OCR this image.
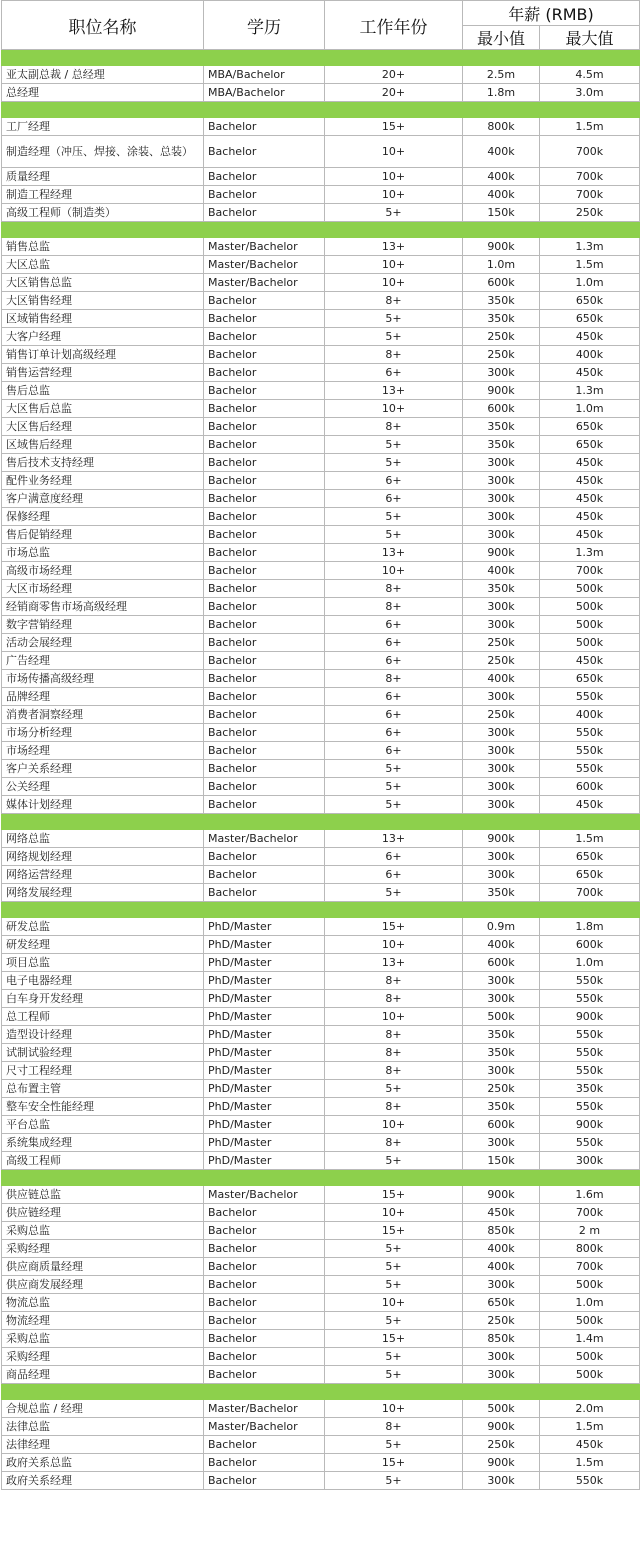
职位名称	学历	工作年份	年薪 (RMB)	
			最小值	最大值

亚太副总裁 / 总经理	MBA/Bachelor	20+	2.5m	4.5m
总经理	MBA/Bachelor	20+	1.8m	3.0m

工厂经理	Bachelor	15+	800k	1.5m
制造经理（冲压、焊接、涂装、总装）	Bachelor	10+	400k	700k
质量经理	Bachelor	10+	400k	700k
制造工程经理	Bachelor	10+	400k	700k
高级工程师（制造类）	Bachelor	5+	150k	250k

销售总监	Master/Bachelor	13+	900k	1.3m
大区总监	Master/Bachelor	10+	1.0m	1.5m
大区销售总监	Master/Bachelor	10+	600k	1.0m
大区销售经理	Bachelor	8+	350k	650k
区域销售经理	Bachelor	5+	350k	650k
大客户经理	Bachelor	5+	250k	450k
销售订单计划高级经理	Bachelor	8+	250k	400k
销售运营经理	Bachelor	6+	300k	450k
售后总监	Bachelor	13+	900k	1.3m
大区售后总监	Bachelor	10+	600k	1.0m
大区售后经理	Bachelor	8+	350k	650k
区域售后经理	Bachelor	5+	350k	650k
售后技术支持经理	Bachelor	5+	300k	450k
配件业务经理	Bachelor	6+	300k	450k
客户满意度经理	Bachelor	6+	300k	450k
保修经理	Bachelor	5+	300k	450k
售后促销经理	Bachelor	5+	300k	450k
市场总监	Bachelor	13+	900k	1.3m
高级市场经理	Bachelor	10+	400k	700k
大区市场经理	Bachelor	8+	350k	500k
经销商零售市场高级经理	Bachelor	8+	300k	500k
数字营销经理	Bachelor	6+	300k	500k
活动会展经理	Bachelor	6+	250k	500k
广告经理	Bachelor	6+	250k	450k
市场传播高级经理	Bachelor	8+	400k	650k
品牌经理	Bachelor	6+	300k	550k
消费者洞察经理	Bachelor	6+	250k	400k
市场分析经理	Bachelor	6+	300k	550k
市场经理	Bachelor	6+	300k	550k
客户关系经理	Bachelor	5+	300k	550k
公关经理	Bachelor	5+	300k	600k
媒体计划经理	Bachelor	5+	300k	450k

网络总监	Master/Bachelor	13+	900k	1.5m
网络规划经理	Bachelor	6+	300k	650k
网络运营经理	Bachelor	6+	300k	650k
网络发展经理	Bachelor	5+	350k	700k

研发总监	PhD/Master	15+	0.9m	1.8m
研发经理	PhD/Master	10+	400k	600k
项目总监	PhD/Master	13+	600k	1.0m
电子电器经理	PhD/Master	8+	300k	550k
白车身开发经理	PhD/Master	8+	300k	550k
总工程师	PhD/Master	10+	500k	900k
造型设计经理	PhD/Master	8+	350k	550k
试制试验经理	PhD/Master	8+	350k	550k
尺寸工程经理	PhD/Master	8+	300k	550k
总布置主管	PhD/Master	5+	250k	350k
整车安全性能经理	PhD/Master	8+	350k	550k
平台总监	PhD/Master	10+	600k	900k
系统集成经理	PhD/Master	8+	300k	550k
高级工程师	PhD/Master	5+	150k	300k

供应链总监	Master/Bachelor	15+	900k	1.6m
供应链经理	Bachelor	10+	450k	700k
采购总监	Bachelor	15+	850k	2 m
采购经理	Bachelor	5+	400k	800k
供应商质量经理	Bachelor	5+	400k	700k
供应商发展经理	Bachelor	5+	300k	500k
物流总监	Bachelor	10+	650k	1.0m
物流经理	Bachelor	5+	250k	500k
采购总监	Bachelor	15+	850k	1.4m
采购经理	Bachelor	5+	300k	500k
商品经理	Bachelor	5+	300k	500k

合规总监 / 经理	Master/Bachelor	10+	500k	2.0m
法律总监	Master/Bachelor	8+	900k	1.5m
法律经理	Bachelor	5+	250k	450k
政府关系总监	Bachelor	15+	900k	1.5m
政府关系经理	Bachelor	5+	300k	550k
